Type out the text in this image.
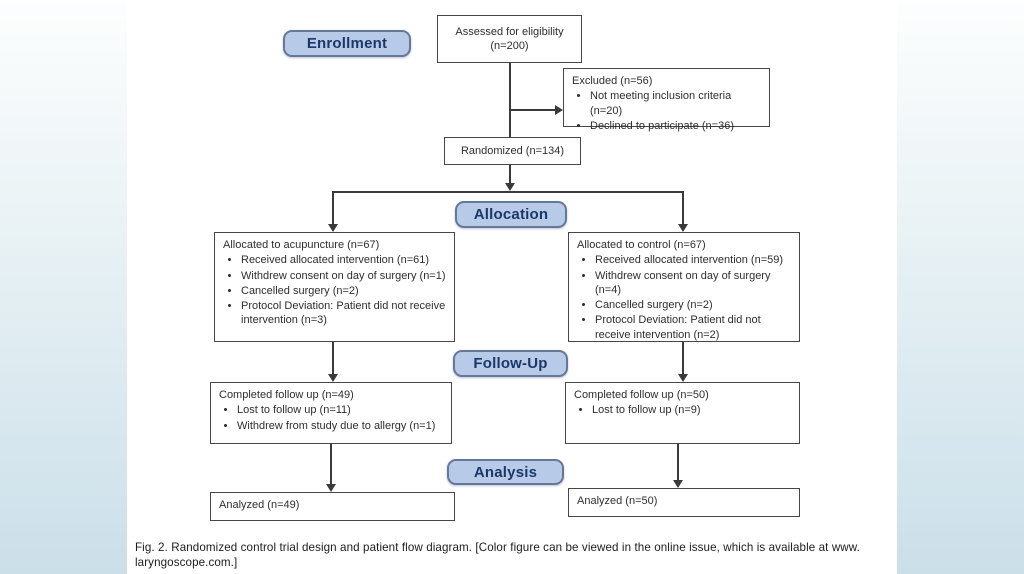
Enrollment
Allocation
Follow-Up
Analysis
Assessed for eligibility
(n=200)
Excluded (n=56)
• Not meeting inclusion criteria (n=20)
• Declined to participate (n=36)
Randomized (n=134)
Allocated to acupuncture (n=67)
• Received allocated intervention (n=61)
• Withdrew consent on day of surgery (n=1)
• Cancelled surgery (n=2)
• Protocol Deviation: Patient did not receive intervention (n=3)
Allocated to control (n=67)
• Received allocated intervention (n=59)
• Withdrew consent on day of surgery (n=4)
• Cancelled surgery (n=2)
• Protocol Deviation: Patient did not receive intervention (n=2)
Completed follow up (n=49)
• Lost to follow up (n=11)
• Withdrew from study due to allergy (n=1)
Completed follow up (n=50)
• Lost to follow up (n=9)
Analyzed (n=49)	Analyzed (n=50)
Fig. 2. Randomized control trial design and patient flow diagram. [Color figure can be viewed in the online issue, which is available at www.
laryngoscope.com.]
